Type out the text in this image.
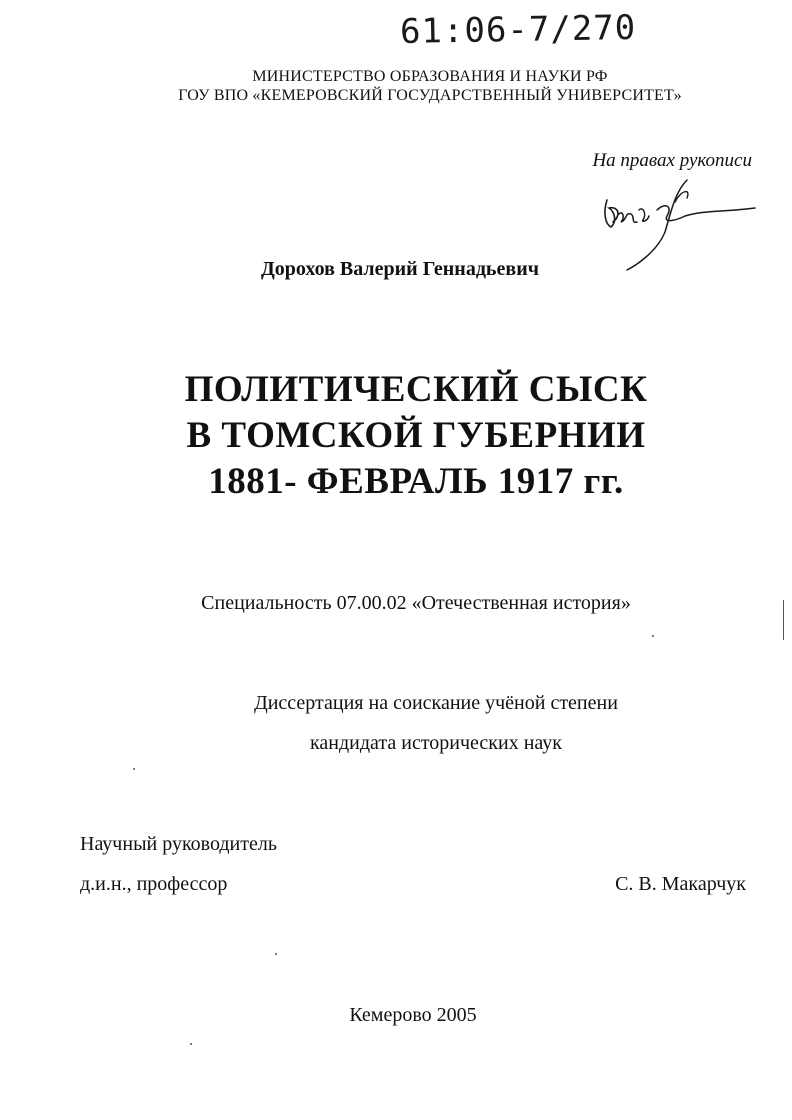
61:06-7/270
МИНИСТЕРСТВО ОБРАЗОВАНИЯ И НАУКИ РФ
ГОУ ВПО «КЕМЕРОВСКИЙ ГОСУДАРСТВЕННЫЙ УНИВЕРСИТЕТ»
На правах рукописи
Дорохов Валерий Геннадьевич
ПОЛИТИЧЕСКИЙ СЫСК
В ТОМСКОЙ ГУБЕРНИИ
1881- ФЕВРАЛЬ 1917 гг.
Специальность 07.00.02 «Отечественная история»
Диссертация на соискание учёной степени
кандидата исторических наук
Научный руководитель
д.и.н., профессор	С. В. Макарчук
Кемерово 2005
